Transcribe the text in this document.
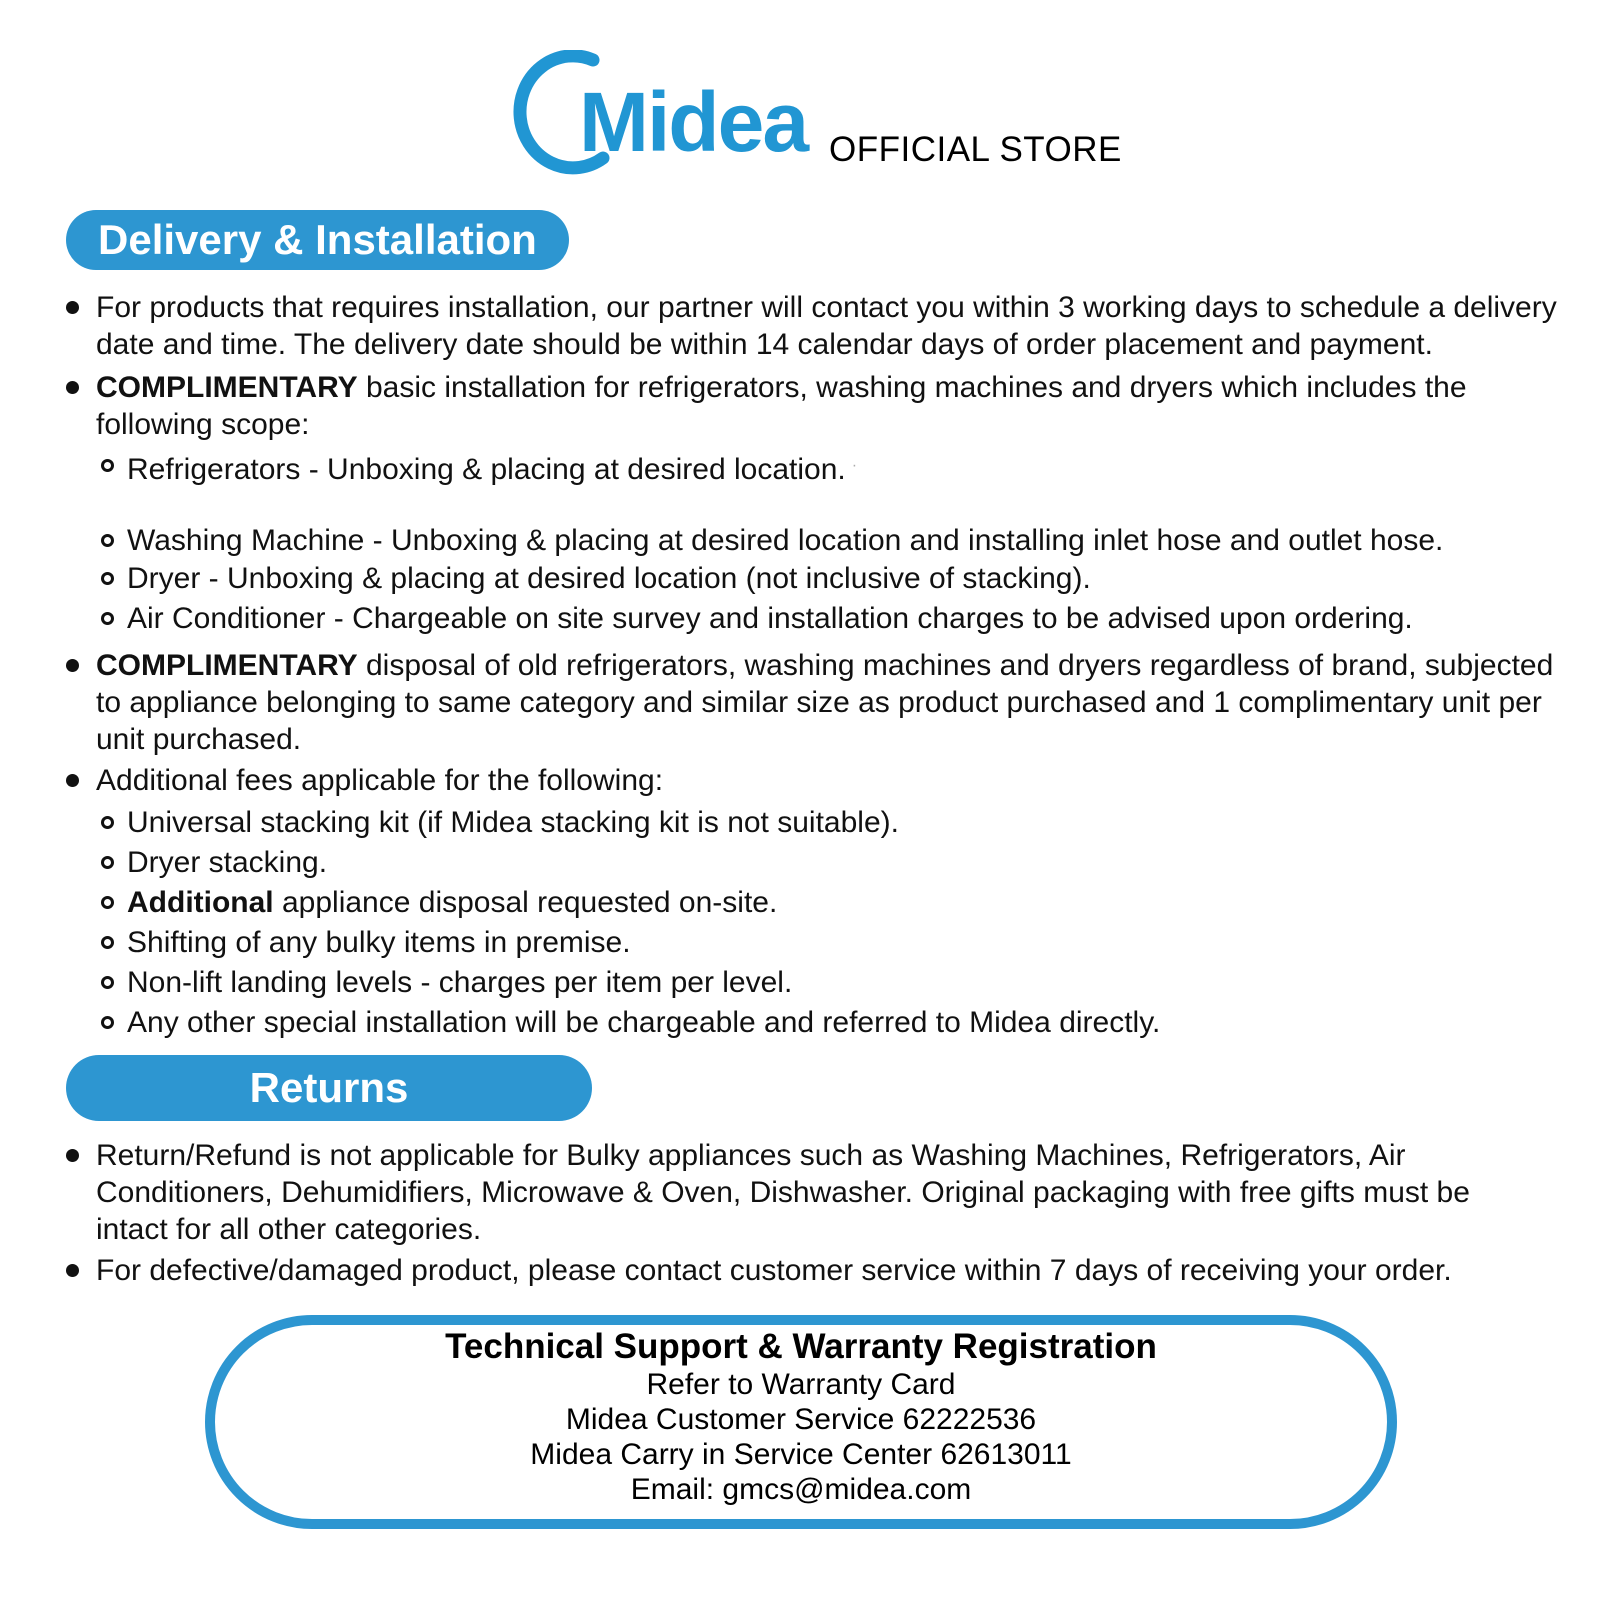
Midea OFFICIAL STORE
Delivery & Installation
For products that requires installation, our partner will contact you within 3 working days to schedule a delivery
date and time. The delivery date should be within 14 calendar days of order placement and payment.
COMPLIMENTARY basic installation for refrigerators, washing machines and dryers which includes the
following scope:
Refrigerators - Unboxing & placing at desired location. ·
Washing Machine - Unboxing & placing at desired location and installing inlet hose and outlet hose.
Dryer - Unboxing & placing at desired location (not inclusive of stacking).
Air Conditioner - Chargeable on site survey and installation charges to be advised upon ordering.
COMPLIMENTARY disposal of old refrigerators, washing machines and dryers regardless of brand, subjected
to appliance belonging to same category and similar size as product purchased and 1 complimentary unit per
unit purchased.
Additional fees applicable for the following:
Universal stacking kit (if Midea stacking kit is not suitable).
Dryer stacking.
Additional appliance disposal requested on-site.
Shifting of any bulky items in premise.
Non-lift landing levels - charges per item per level.
Any other special installation will be chargeable and referred to Midea directly.
Returns
Return/Refund is not applicable for Bulky appliances such as Washing Machines, Refrigerators, Air
Conditioners, Dehumidifiers, Microwave & Oven, Dishwasher. Original packaging with free gifts must be
intact for all other categories.
For defective/damaged product, please contact customer service within 7 days of receiving your order.
Technical Support & Warranty Registration
Refer to Warranty Card
Midea Customer Service 62222536
Midea Carry in Service Center 62613011
Email: gmcs@midea.com
